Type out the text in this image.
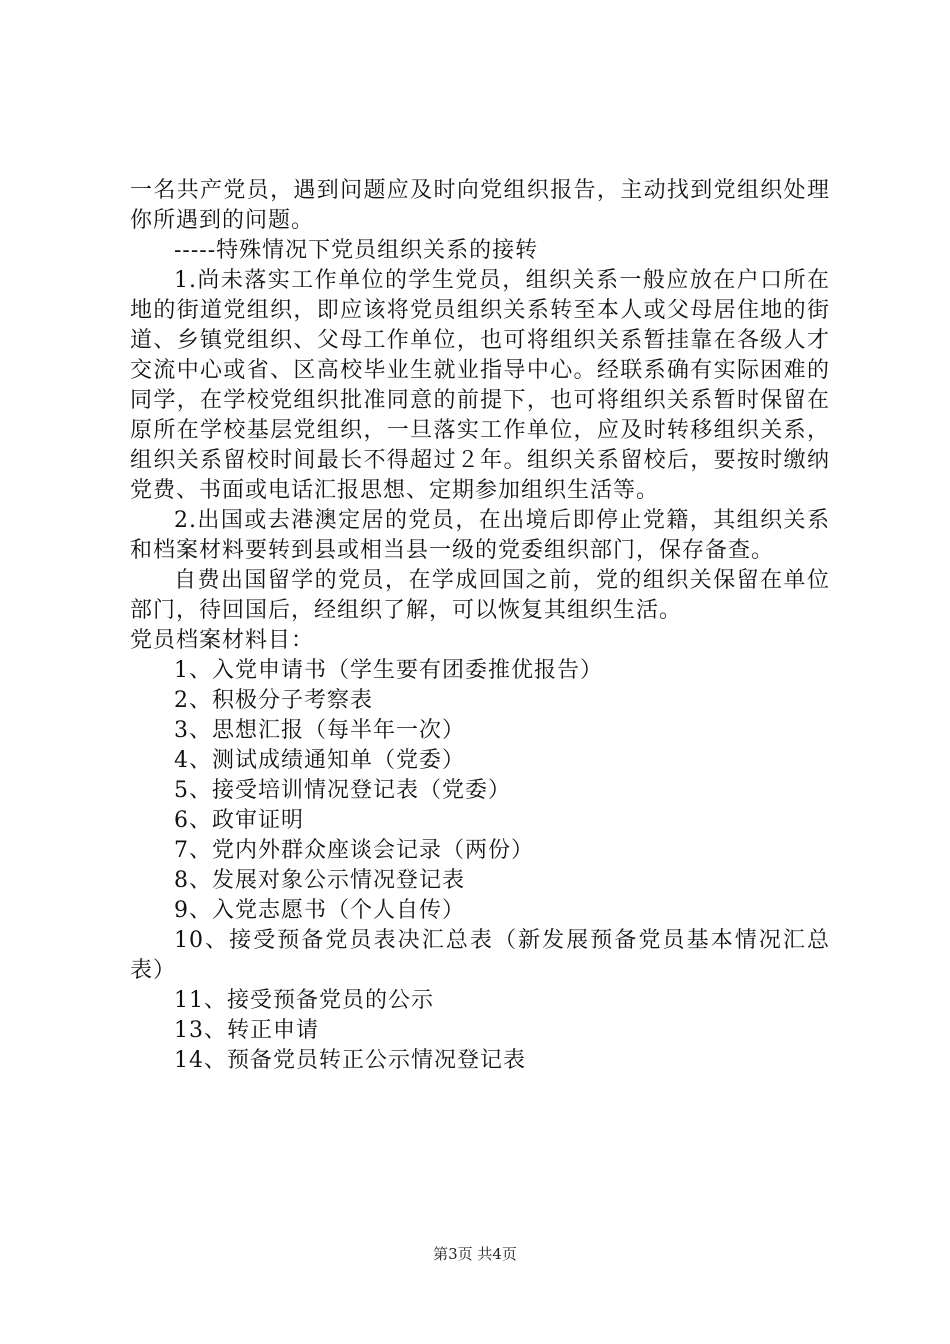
一名共产党员，遇到问题应及时向党组织报告，主动找到党组织处理你所遇到的问题。

-----特殊情况下党员组织关系的接转

1.尚未落实工作单位的学生党员，组织关系一般应放在户口所在地的街道党组织，即应该将党员组织关系转至本人或父母居住地的街道、乡镇党组织、父母工作单位，也可将组织关系暂挂靠在各级人才交流中心或省、区高校毕业生就业指导中心。经联系确有实际困难的同学，在学校党组织批准同意的前提下，也可将组织关系暂时保留在原所在学校基层党组织，一旦落实工作单位，应及时转移组织关系，组织关系留校时间最长不得超过２年。组织关系留校后，要按时缴纳党费、书面或电话汇报思想、定期参加组织生活等。

2.出国或去港澳定居的党员，在出境后即停止党籍，其组织关系和档案材料要转到县或相当县一级的党委组织部门，保存备查。

自费出国留学的党员，在学成回国之前，党的组织关保留在单位部门，待回国后，经组织了解，可以恢复其组织生活。

党员档案材料目：

1、入党申请书（学生要有团委推优报告）

2、积极分子考察表

3、思想汇报（每半年一次）

4、测试成绩通知单（党委）

5、接受培训情况登记表（党委）

6、政审证明

7、党内外群众座谈会记录（两份）

8、发展对象公示情况登记表

9、入党志愿书（个人自传）

10、接受预备党员表决汇总表（新发展预备党员基本情况汇总表）

11、接受预备党员的公示

13、转正申请

14、预备党员转正公示情况登记表

第3页 共4页
